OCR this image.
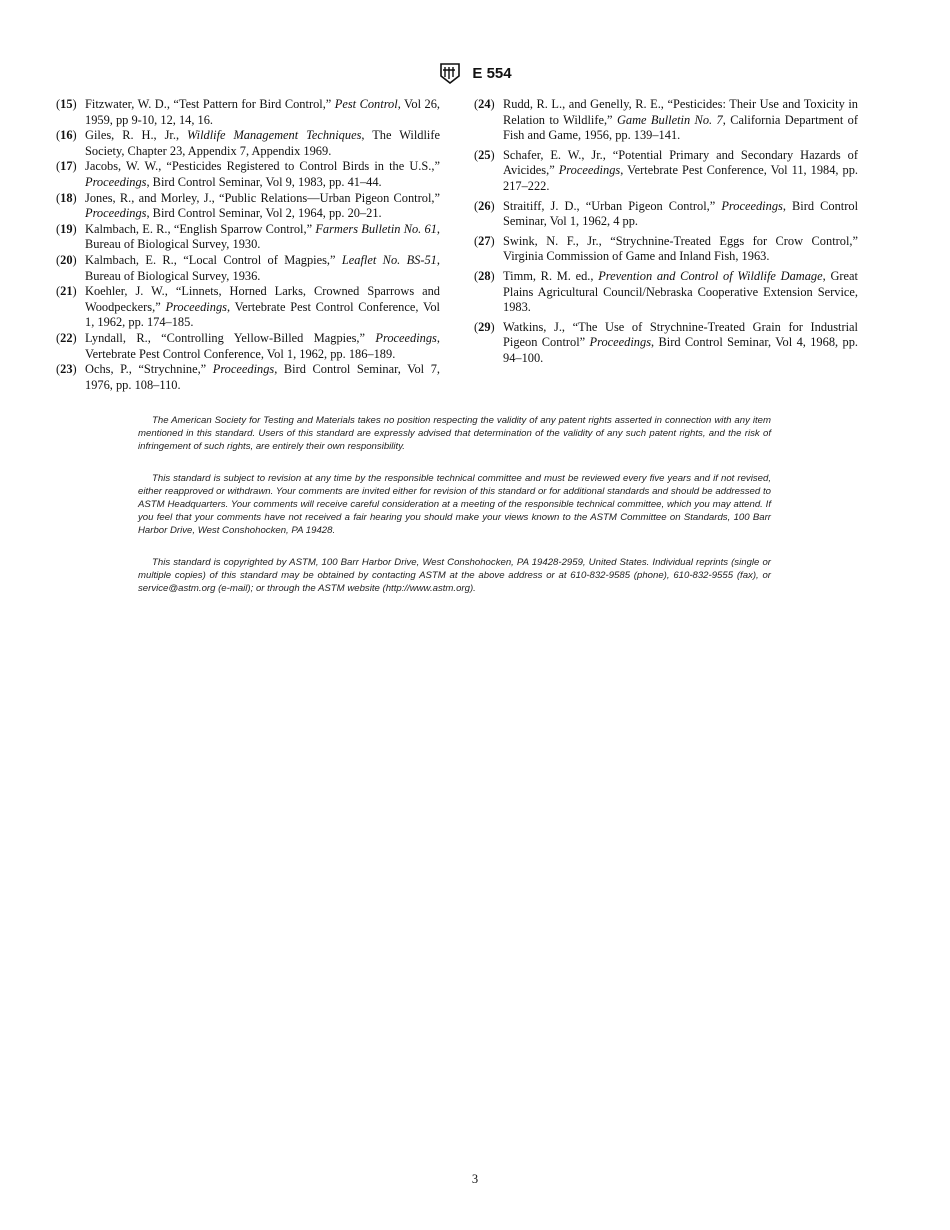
E 554
(15) Fitzwater, W. D., “Test Pattern for Bird Control,” Pest Control, Vol 26, 1959, pp 9-10, 12, 14, 16.
(16) Giles, R. H., Jr., Wildlife Management Techniques, The Wildlife Society, Chapter 23, Appendix 7, Appendix 1969.
(17) Jacobs, W. W., “Pesticides Registered to Control Birds in the U.S.,” Proceedings, Bird Control Seminar, Vol 9, 1983, pp. 41–44.
(18) Jones, R., and Morley, J., “Public Relations—Urban Pigeon Control,” Proceedings, Bird Control Seminar, Vol 2, 1964, pp. 20–21.
(19) Kalmbach, E. R., “English Sparrow Control,” Farmers Bulletin No. 61, Bureau of Biological Survey, 1930.
(20) Kalmbach, E. R., “Local Control of Magpies,” Leaflet No. BS-51, Bureau of Biological Survey, 1936.
(21) Koehler, J. W., “Linnets, Horned Larks, Crowned Sparrows and Woodpeckers,” Proceedings, Vertebrate Pest Control Conference, Vol 1, 1962, pp. 174–185.
(22) Lyndall, R., “Controlling Yellow-Billed Magpies,” Proceedings, Vertebrate Pest Control Conference, Vol 1, 1962, pp. 186–189.
(23) Ochs, P., “Strychnine,” Proceedings, Bird Control Seminar, Vol 7, 1976, pp. 108–110.
(24) Rudd, R. L., and Genelly, R. E., “Pesticides: Their Use and Toxicity in Relation to Wildlife,” Game Bulletin No. 7, California Department of Fish and Game, 1956, pp. 139–141.
(25) Schafer, E. W., Jr., “Potential Primary and Secondary Hazards of Avicides,” Proceedings, Vertebrate Pest Conference, Vol 11, 1984, pp. 217–222.
(26) Straitiff, J. D., “Urban Pigeon Control,” Proceedings, Bird Control Seminar, Vol 1, 1962, 4 pp.
(27) Swink, N. F., Jr., “Strychnine-Treated Eggs for Crow Control,” Virginia Commission of Game and Inland Fish, 1963.
(28) Timm, R. M. ed., Prevention and Control of Wildlife Damage, Great Plains Agricultural Council/Nebraska Cooperative Extension Service, 1983.
(29) Watkins, J., “The Use of Strychnine-Treated Grain for Industrial Pigeon Control” Proceedings, Bird Control Seminar, Vol 4, 1968, pp. 94–100.

The American Society for Testing and Materials takes no position respecting the validity of any patent rights asserted in connection with any item mentioned in this standard. Users of this standard are expressly advised that determination of the validity of any such patent rights, and the risk of infringement of such rights, are entirely their own responsibility.

This standard is subject to revision at any time by the responsible technical committee and must be reviewed every five years and if not revised, either reapproved or withdrawn. Your comments are invited either for revision of this standard or for additional standards and should be addressed to ASTM Headquarters. Your comments will receive careful consideration at a meeting of the responsible technical committee, which you may attend. If you feel that your comments have not received a fair hearing you should make your views known to the ASTM Committee on Standards, 100 Barr Harbor Drive, West Conshohocken, PA 19428.

This standard is copyrighted by ASTM, 100 Barr Harbor Drive, West Conshohocken, PA 19428-2959, United States. Individual reprints (single or multiple copies) of this standard may be obtained by contacting ASTM at the above address or at 610-832-9585 (phone), 610-832-9555 (fax), or service@astm.org (e-mail); or through the ASTM website (http://www.astm.org).

3
